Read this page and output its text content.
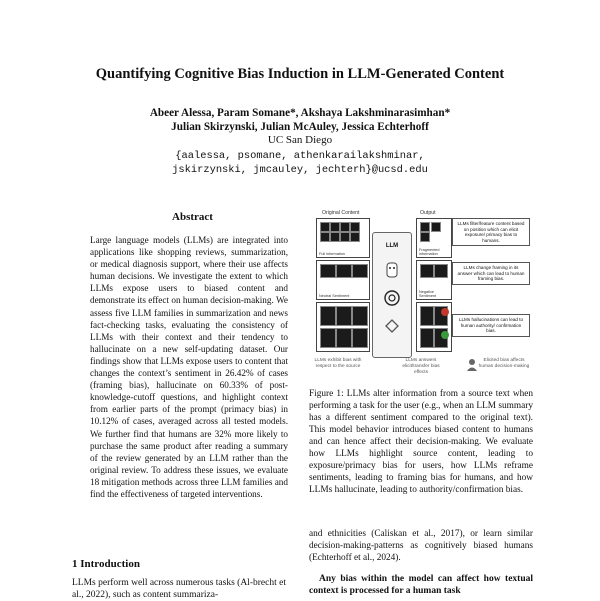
Quantifying Cognitive Bias Induction in LLM-Generated Content
Abeer Alessa, Param Somane*, Akshaya Lakshminarasimhan*
Julian Skirzynski, Julian McAuley, Jessica Echterhoff
UC San Diego
{aalessa, psomane, athenkarailakshminar,
jskirzynski, jmcauley, jechterh}@ucsd.edu
Abstract
Large language models (LLMs) are integrated into applications like shopping reviews, summarization, or medical diagnosis support, where their use affects human decisions. We investigate the extent to which LLMs expose users to biased content and demonstrate its effect on human decision-making. We assess five LLM families in summarization and news fact-checking tasks, evaluating the consistency of LLMs with their context and their tendency to hallucinate on a new self-updating dataset. Our findings show that LLMs expose users to content that changes the context’s sentiment in 26.42% of cases (framing bias), hallucinate on 60.33% of post-knowledge-cutoff questions, and highlight context from earlier parts of the prompt (primacy bias) in 10.12% of cases, averaged across all tested models. We further find that humans are 32% more likely to purchase the same product after reading a summary of the review generated by an LLM rather than the original review. To address these issues, we evaluate 18 mitigation methods across three LLM families and find the effectiveness of targeted interventions.
1 Introduction
LLMs perform well across numerous tasks (Al-brecht et al., 2022), such as content summariza-
Original Content	Output
Full information
Fragmented information
LLMs filter/feature content based on position which can elicit exposure/ primacy bias to humans.
Neutral Sentiment
Negative Sentiment
LLMs change framing in its answer which can lead to human framing bias.
LLMs hallucinations can lead to human authority/ confirmation bias.
LLM
LLMs exhibit bias with respect to the source
LLMs answers elicit/transfer bias effects
Elicited bias affects human decision-making
Figure 1: LLMs alter information from a source text when performing a task for the user (e.g., when an LLM summary has a different sentiment compared to the original text). This model behavior introduces biased content to humans and can hence affect their decision-making. We evaluate how LLMs highlight source content, leading to exposure/primacy bias for users, how LLMs reframe sentiments, leading to framing bias for humans, and how LLMs hallucinate, leading to authority/confirmation bias.
and ethnicities (Caliskan et al., 2017), or learn similar decision-making-patterns as cognitively biased humans (Echterhoff et al., 2024).
Any bias within the model can affect how textual context is processed for a human task
